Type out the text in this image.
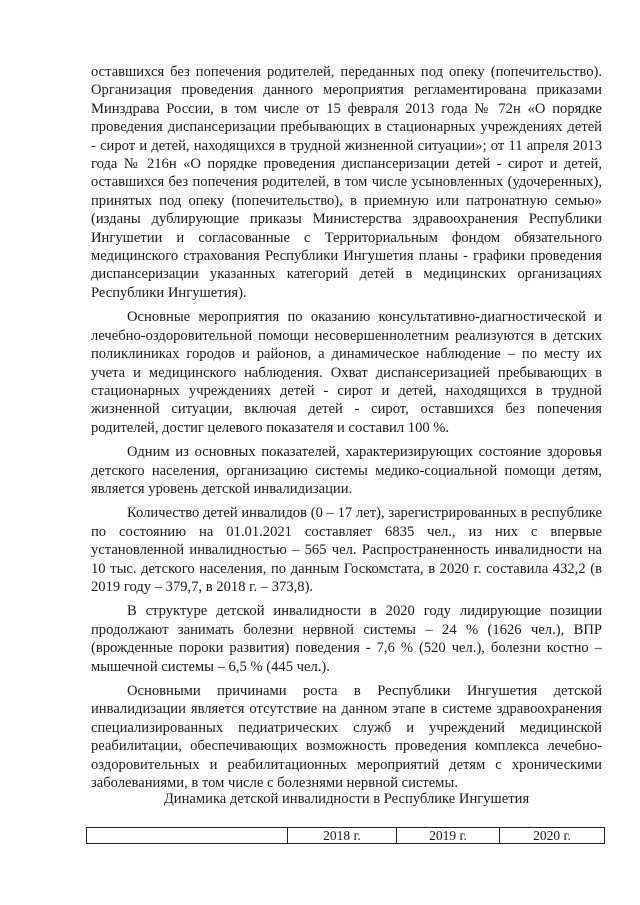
оставшихся без попечения родителей, переданных под опеку (попечительство). Организация проведения данного мероприятия регламентирована приказами Минздрава России, в том числе от 15 февраля 2013 года № 72н «О порядке проведения диспансеризации пребывающих в стационарных учреждениях детей - сирот и детей, находящихся в трудной жизненной ситуации»; от 11 апреля 2013 года № 216н «О порядке проведения диспансеризации детей - сирот и детей, оставшихся без попечения родителей, в том числе усыновленных (удочеренных), принятых под опеку (попечительство), в приемную или патронатную семью» (изданы дублирующие приказы Министерства здравоохранения Республики Ингушетии и согласованные с Территориальным фондом обязательного медицинского страхования Республики Ингушетия планы - графики проведения диспансеризации указанных категорий детей в медицинских организациях Республики Ингушетия).

Основные мероприятия по оказанию консультативно-диагностической и лечебно-оздоровительной помощи несовершеннолетним реализуются в детских поликлиниках городов и районов, а динамическое наблюдение – по месту их учета и медицинского наблюдения. Охват диспансеризацией пребывающих в стационарных учреждениях детей - сирот и детей, находящихся в трудной жизненной ситуации, включая детей - сирот, оставшихся без попечения родителей, достиг целевого показателя и составил 100 %.

Одним из основных показателей, характеризирующих состояние здоровья детского населения, организацию системы медико-социальной помощи детям, является уровень детской инвалидизации.

Количество детей инвалидов (0 – 17 лет), зарегистрированных в республике по состоянию на 01.01.2021 составляет 6835 чел., из них с впервые установленной инвалидностью – 565 чел. Распространенность инвалидности на 10 тыс. детского населения, по данным Госкомстата, в 2020 г. составила 432,2 (в 2019 году – 379,7, в 2018 г. – 373,8).

В структуре детской инвалидности в 2020 году лидирующие позиции продолжают занимать болезни нервной системы – 24 % (1626 чел.), ВПР (врожденные пороки развития) поведения - 7,6 % (520 чел.), болезни костно – мышечной системы – 6,5 % (445 чел.).

Основными причинами роста в Республики Ингушетия детской инвалидизации является отсутствие на данном этапе в системе здравоохранения специализированных педиатрических служб и учреждений медицинской реабилитации, обеспечивающих возможность проведения комплекса лечебно-оздоровительных и реабилитационных мероприятий детям с хроническими заболеваниями, в том числе с болезнями нервной системы.

Динамика детской инвалидности в Республике Ингушетия
	2018 г.	2019 г.	2020 г.
